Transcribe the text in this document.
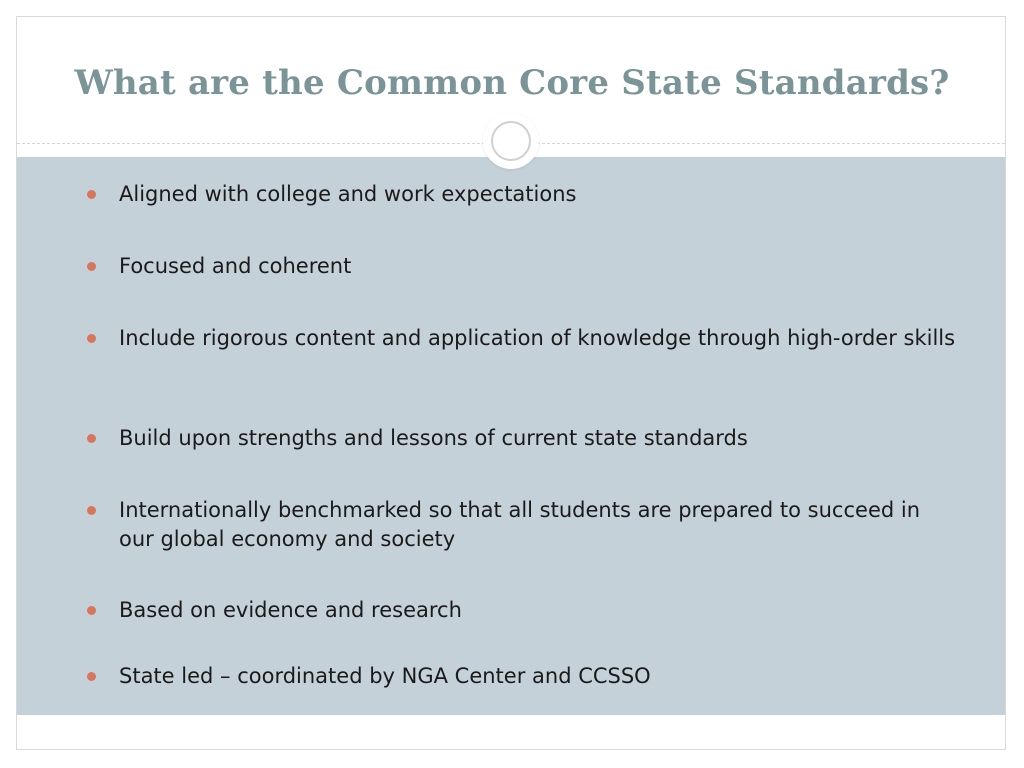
What are the Common Core State Standards?
Aligned with college and work expectations
Focused and coherent
Include rigorous content and application of knowledge through high-order skills
Build upon strengths and lessons of current state standards
Internationally benchmarked so that all students are prepared to succeed in our global economy and society
Based on evidence and research
State led – coordinated by NGA Center and CCSSO
